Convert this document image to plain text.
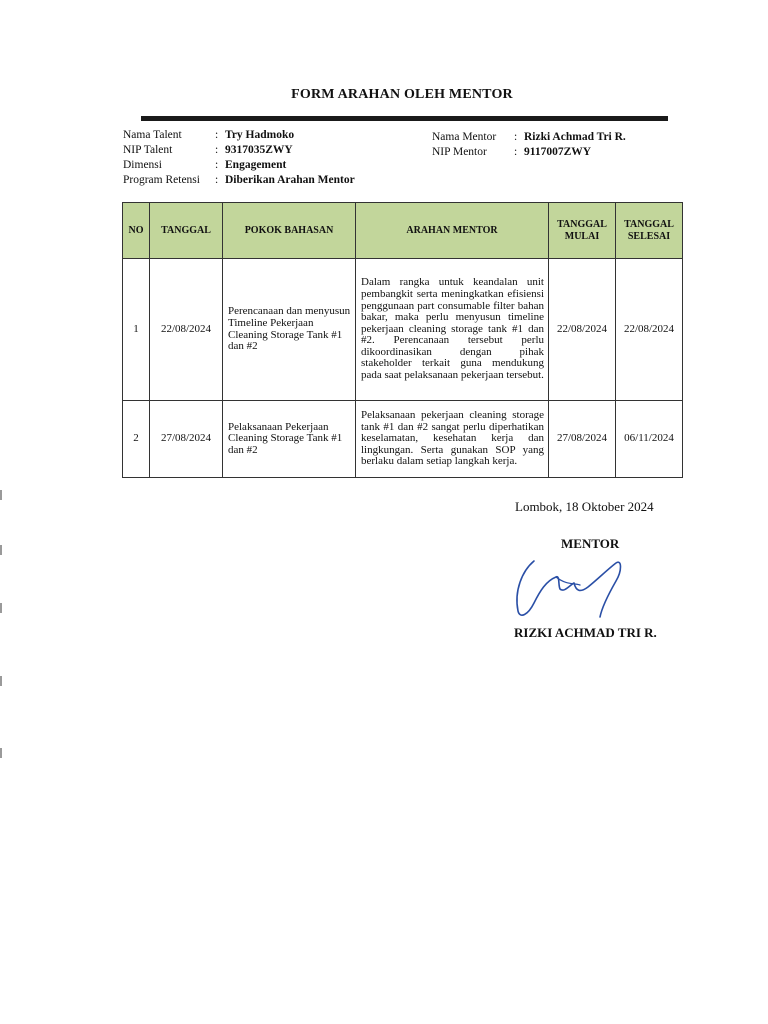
FORM ARAHAN OLEH MENTOR
Nama Talent	: Try Hadmoko
NIP Talent	: 9317035ZWY
Dimensi	: Engagement
Program Retensi	: Diberikan Arahan Mentor
Nama Mentor	: Rizki Achmad Tri R.
NIP Mentor	: 9117007ZWY
NO	TANGGAL	POKOK BAHASAN	ARAHAN MENTOR	TANGGAL MULAI	TANGGAL SELESAI
1	22/08/2024	Perencanaan dan menyusun Timeline Pekerjaan Cleaning Storage Tank #1 dan #2	Dalam rangka untuk keandalan unit pembangkit serta meningkatkan efisiensi penggunaan part consumable filter bahan bakar, maka perlu menyusun timeline pekerjaan cleaning storage tank #1 dan #2. Perencanaan tersebut perlu dikoordinasikan dengan pihak stakeholder terkait guna mendukung pada saat pelaksanaan pekerjaan tersebut.	22/08/2024	22/08/2024
2	27/08/2024	Pelaksanaan Pekerjaan Cleaning Storage Tank #1 dan #2	Pelaksanaan pekerjaan cleaning storage tank #1 dan #2 sangat perlu diperhatikan keselamatan, kesehatan kerja dan lingkungan. Serta gunakan SOP yang berlaku dalam setiap langkah kerja.	27/08/2024	06/11/2024
Lombok, 18 Oktober 2024
MENTOR
RIZKI ACHMAD TRI R.
